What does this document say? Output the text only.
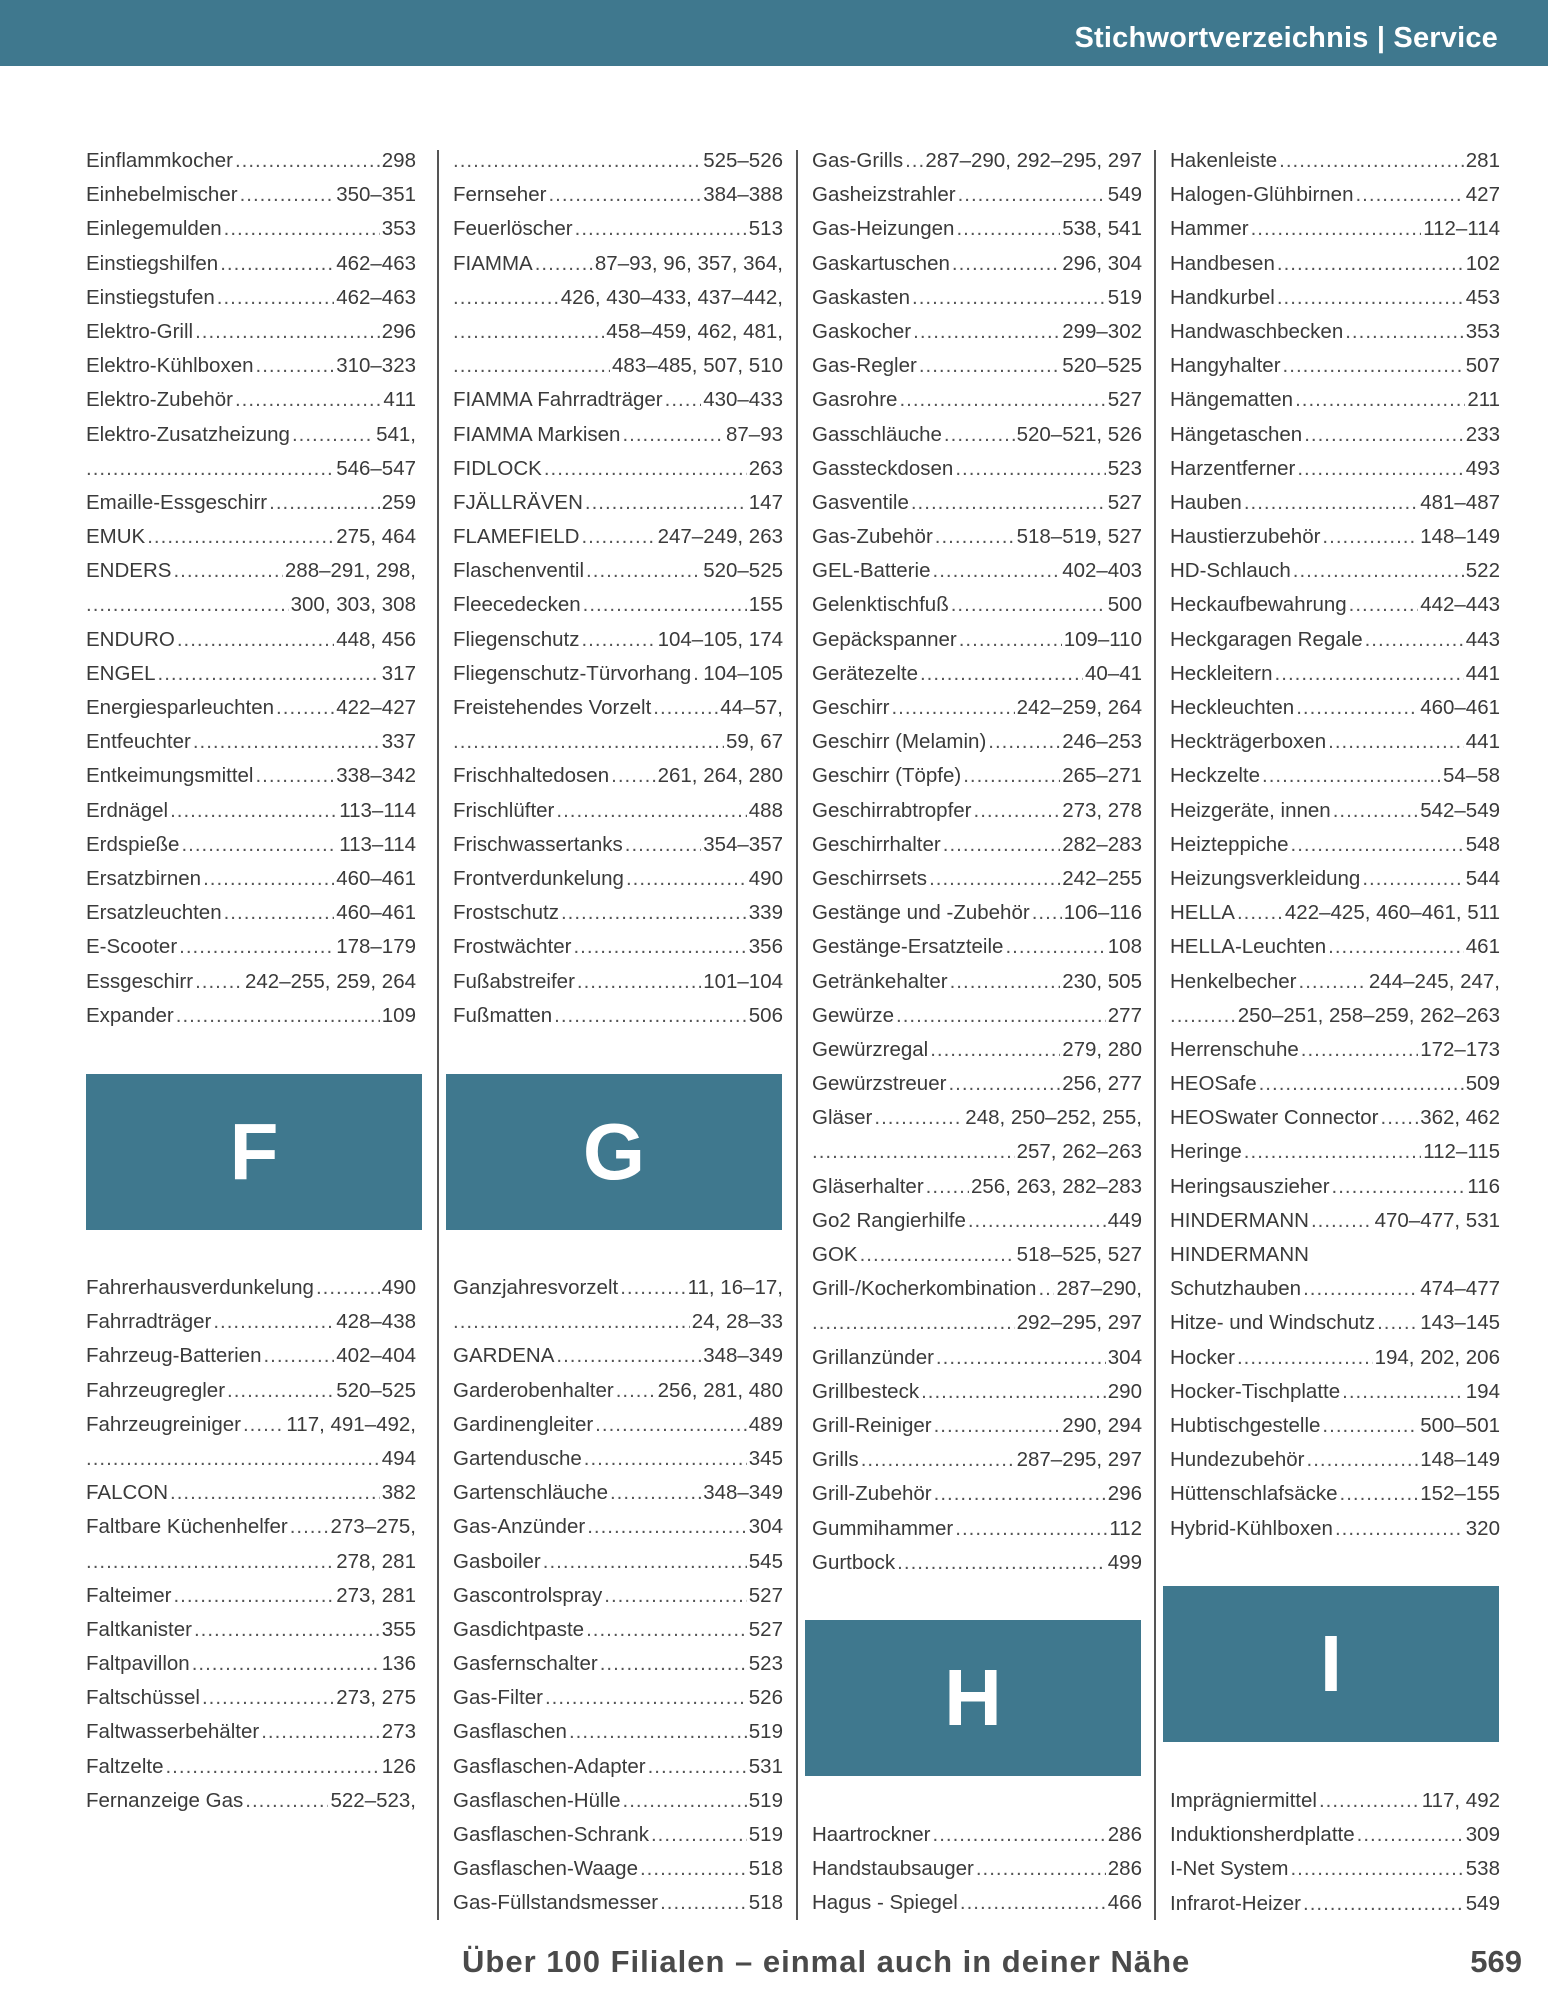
Stichwortverzeichnis | Service
Einflammkocher .....	298
Einhebelmischer .....	350–351
Einlegemulden .....	353
Einstiegshilfen .....	462–463
Einstiegstufen .....	462–463
Elektro-Grill .....	296
Elektro-Kühlboxen .....	310–323
Elektro-Zubehör .....	411
Elektro-Zusatzheizung .....	541,
.....
546–547
Emaille-Essgeschirr .....	259
EMUK .....	275, 464
ENDERS .....	288–291, 298,
.....
300, 303, 308
ENDURO .....	448, 456
ENGEL .....	317
Energiesparleuchten .....	422–427
Entfeuchter .....	337
Entkeimungsmittel .....	338–342
Erdnägel .....	113–114
Erdspieße .....	113–114
Ersatzbirnen .....	460–461
Ersatzleuchten .....	460–461
E-Scooter .....	178–179
Essgeschirr .....	242–255, 259, 264
Expander .....	109
F
Fahrerhausverdunkelung .....	490
Fahrradträger .....	428–438
Fahrzeug-Batterien .....	402–404
Fahrzeugregler .....	520–525
Fahrzeugreiniger ..... 117, 491–492,
.....
494
FALCON .....	382
Faltbare Küchenhelfer ..... 273–275,
.....
278, 281
Falteimer .....	273, 281
Faltkanister .....	355
Faltpavillon .....	136
Faltschüssel .....	273, 275
Faltwasserbehälter .....	273
Faltzelte .....	126
Fernanzeige Gas .....	522–523,
.....
525–526
Fernseher .....	384–388
Feuerlöscher .....	513
FIAMMA .....	87–93, 96, 357, 364,
.....
426, 430–433, 437–442,
.....
458–459, 462, 481,
.....
483–485, 507, 510
FIAMMA Fahrradträger ..... 430–433
FIAMMA Markisen .....	87–93
FIDLOCK .....	263
FJÄLLRÄVEN .....	147
FLAMEFIELD .....	247–249, 263
Flaschenventil .....	520–525
Fleecedecken .....	155
Fliegenschutz .....	104–105, 174
Fliegenschutz-Türvorhang ..... 104–105
Freistehendes Vorzelt .....	44–57,
.....
59, 67
Frischhaltedosen ..... 261, 264, 280
Frischlüfter .....	488
Frischwassertanks .....	354–357
Frontverdunkelung .....	490
Frostschutz .....	339
Frostwächter .....	356
Fußabstreifer .....	101–104
Fußmatten .....	506
G
Ganzjahresvorzelt .....	11, 16–17,
.....
24, 28–33
GARDENA .....	348–349
Garderobenhalter ..... 256, 281, 480
Gardinengleiter .....	489
Gartendusche .....	345
Gartenschläuche .....	348–349
Gas-Anzünder .....	304
Gasboiler .....	545
Gascontrolspray .....	527
Gasdichtpaste .....	527
Gasfernschalter .....	523
Gas-Filter .....	526
Gasflaschen .....	519
Gasflaschen-Adapter .....	531
Gasflaschen-Hülle .....	519
Gasflaschen-Schrank .....	519
Gasflaschen-Waage .....	518
Gas-Füllstandsmesser .....	518
Gas-Grills ..... 287–290, 292–295, 297
Gasheizstrahler .....	549
Gas-Heizungen .....	538, 541
Gaskartuschen .....	296, 304
Gaskasten .....	519
Gaskocher .....	299–302
Gas-Regler .....	520–525
Gasrohre .....	527
Gasschläuche .....	520–521, 526
Gassteckdosen .....	523
Gasventile .....	527
Gas-Zubehör .....	518–519, 527
GEL-Batterie .....	402–403
Gelenktischfuß .....	500
Gepäckspanner .....	109–110
Gerätezelte .....	40–41
Geschirr .....	242–259, 264
Geschirr (Melamin) .....	246–253
Geschirr (Töpfe) .....	265–271
Geschirrabtropfer .....	273, 278
Geschirrhalter .....	282–283
Geschirrsets .....	242–255
Gestänge und -Zubehör ..... 106–116
Gestänge-Ersatzteile .....	108
Getränkehalter .....	230, 505
Gewürze .....	277
Gewürzregal .....	279, 280
Gewürzstreuer .....	256, 277
Gläser .....	248, 250–252, 255,
.....
257, 262–263
Gläserhalter ..... 256, 263, 282–283
Go2 Rangierhilfe .....	449
GOK .....	518–525, 527
Grill-/Kocherkombination ..... 287–290,
.....
292–295, 297
Grillanzünder .....	304
Grillbesteck .....	290
Grill-Reiniger .....	290, 294
Grills .....	287–295, 297
Grill-Zubehör .....	296
Gummihammer .....	112
Gurtbock .....	499
H
Haartrockner .....	286
Handstaubsauger .....	286
Hagus - Spiegel .....	466
Hakenleiste .....	281
Halogen-Glühbirnen .....	427
Hammer .....	112–114
Handbesen .....	102
Handkurbel .....	453
Handwaschbecken .....	353
Hangyhalter .....	507
Hängematten .....	211
Hängetaschen .....	233
Harzentferner .....	493
Hauben .....	481–487
Haustierzubehör .....	148–149
HD-Schlauch .....	522
Heckaufbewahrung .....	442–443
Heckgaragen Regale .....	443
Heckleitern .....	441
Heckleuchten .....	460–461
Heckträgerboxen .....	441
Heckzelte .....	54–58
Heizgeräte, innen .....	542–549
Heizteppiche .....	548
Heizungsverkleidung .....	544
HELLA ..... 422–425, 460–461, 511
HELLA-Leuchten .....	461
Henkelbecher .....	244–245, 247,
.....
250–251, 258–259, 262–263
Herrenschuhe .....	172–173
HEOSafe .....	509
HEOSwater Connector ..... 362, 462
Heringe .....	112–115
Heringsauszieher .....	116
HINDERMANN .....	470–477, 531
HINDERMANN
Schutzhauben .....	474–477
Hitze- und Windschutz ..... 143–145
Hocker .....	194, 202, 206
Hocker-Tischplatte .....	194
Hubtischgestelle .....	500–501
Hundezubehör .....	148–149
Hüttenschlafsäcke .....	152–155
Hybrid-Kühlboxen .....	320
I
Imprägniermittel .....	117, 492
Induktionsherdplatte .....	309
I-Net System .....	538
Infrarot-Heizer .....	549
Über 100 Filialen – einmal auch in deiner Nähe	569
